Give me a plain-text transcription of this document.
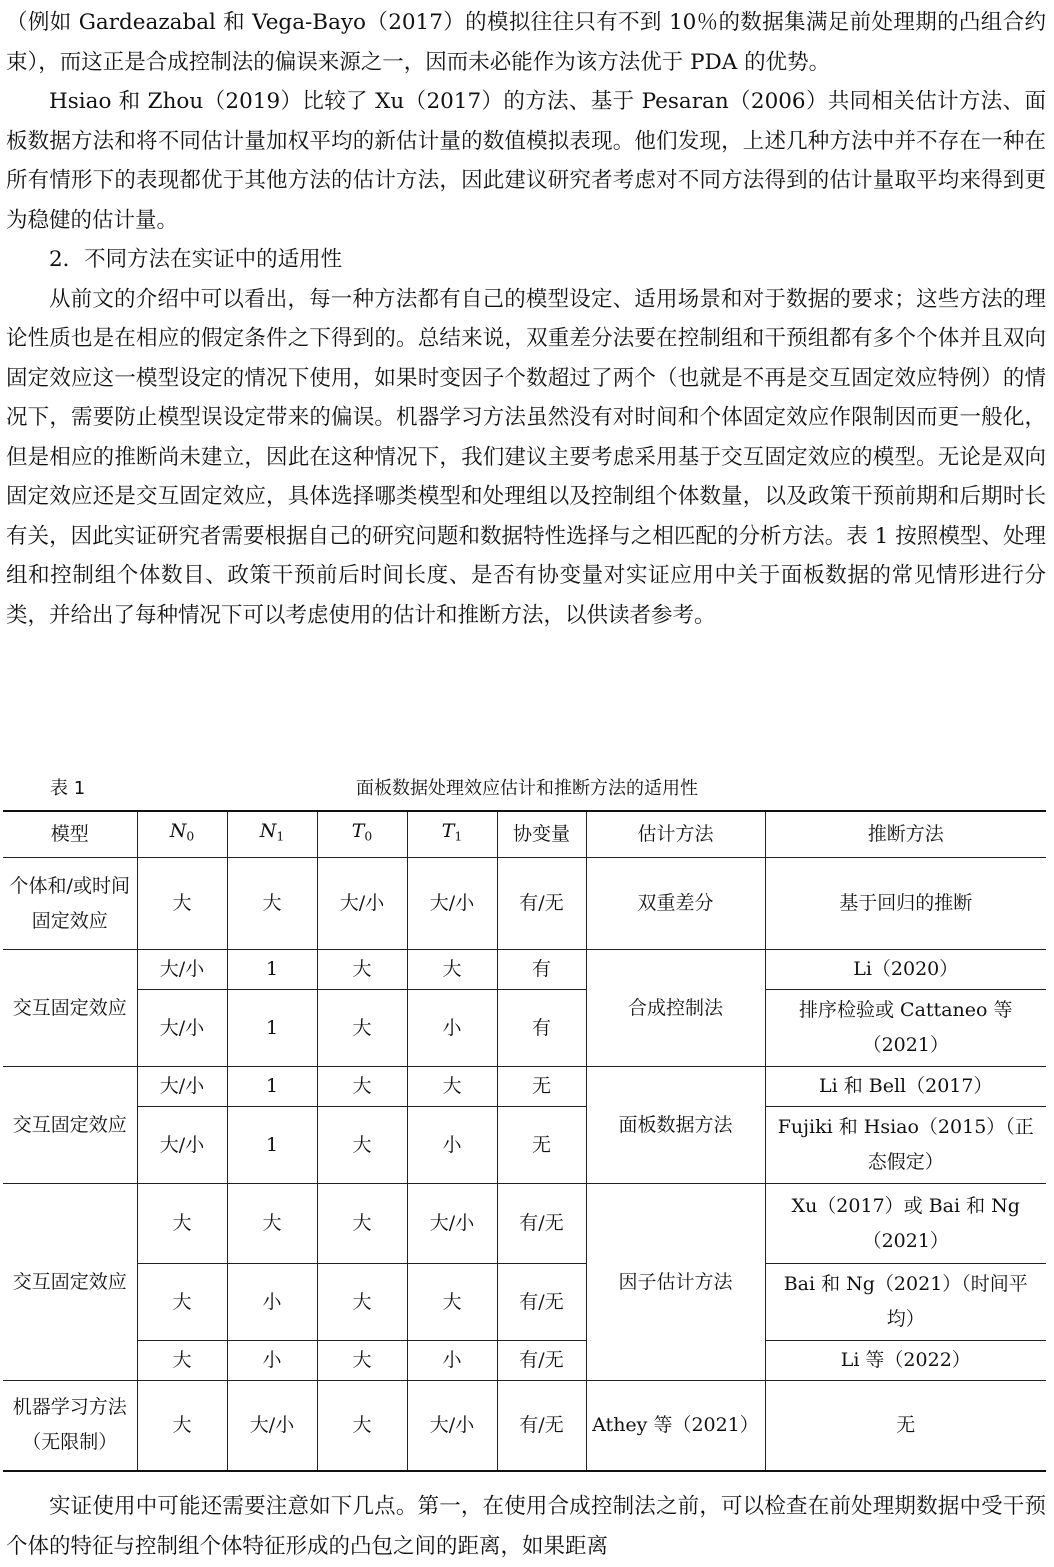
（例如 Gardeazabal 和 Vega-Bayo（2017）的模拟往往只有不到 10％的数据集满足前处理期的凸组合约束），而这正是合成控制法的偏误来源之一，因而未必能作为该方法优于 PDA 的优势。

Hsiao 和 Zhou（2019）比较了 Xu（2017）的方法、基于 Pesaran（2006）共同相关估计方法、面板数据方法和将不同估计量加权平均的新估计量的数值模拟表现。他们发现，上述几种方法中并不存在一种在所有情形下的表现都优于其他方法的估计方法，因此建议研究者考虑对不同方法得到的估计量取平均来得到更为稳健的估计量。

2．不同方法在实证中的适用性

从前文的介绍中可以看出，每一种方法都有自己的模型设定、适用场景和对于数据的要求；这些方法的理论性质也是在相应的假定条件之下得到的。总结来说，双重差分法要在控制组和干预组都有多个个体并且双向固定效应这一模型设定的情况下使用，如果时变因子个数超过了两个（也就是不再是交互固定效应特例）的情况下，需要防止模型误设定带来的偏误。机器学习方法虽然没有对时间和个体固定效应作限制因而更一般化，但是相应的推断尚未建立，因此在这种情况下，我们建议主要考虑采用基于交互固定效应的模型。无论是双向固定效应还是交互固定效应，具体选择哪类模型和处理组以及控制组个体数量，以及政策干预前期和后期时长有关，因此实证研究者需要根据自己的研究问题和数据特性选择与之相匹配的分析方法。表 1 按照模型、处理组和控制组个体数目、政策干预前后时间长度、是否有协变量对实证应用中关于面板数据的常见情形进行分类，并给出了每种情况下可以考虑使用的估计和推断方法，以供读者参考。

表 1	面板数据处理效应估计和推断方法的适用性
模型	$N_0$	$N_1$	$T_0$	$T_1$	协变量	估计方法	推断方法
个体和/或时间固定效应	大	大	大/小	大/小	有/无	双重差分	基于回归的推断
交互固定效应	大/小	1	大	大	有	合成控制法	Li（2020）
	大/小	1	大	小	有		排序检验或 Cattaneo 等（2021）
交互固定效应	大/小	1	大	大	无	面板数据方法	Li 和 Bell（2017）
	大/小	1	大	小	无		Fujiki 和 Hsiao（2015）（正态假定）
交互固定效应	大	大	大	大/小	有/无	因子估计方法	Xu（2017）或 Bai 和 Ng（2021）
	大	小	大	大	有/无		Bai 和 Ng（2021）（时间平均）
	大	小	大	小	有/无		Li 等（2022）
机器学习方法（无限制）	大	大/小	大	大/小	有/无	Athey 等（2021）	无

实证使用中可能还需要注意如下几点。第一，在使用合成控制法之前，可以检查在前处理期数据中受干预个体的特征与控制组个体特征形成的凸包之间的距离，如果距离
